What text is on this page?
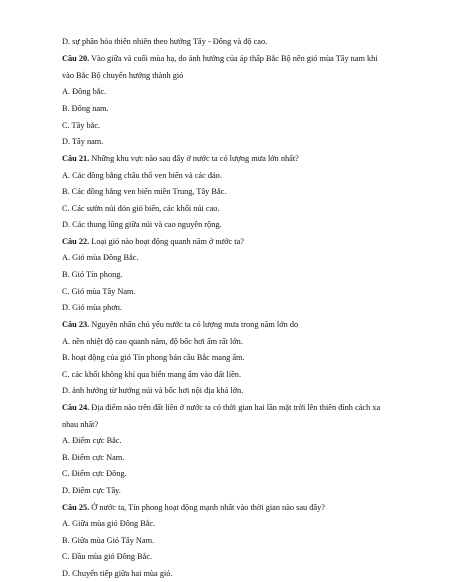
D. sự phân hóa thiên nhiên theo hướng Tây - Đông và độ cao.

Câu 20. Vào giữa và cuối mùa hạ, do ảnh hưởng của áp thấp Bắc Bộ nên gió mùa Tây nam khi

vào Bắc Bộ chuyển hướng thành gió

A. Đông bắc.

B. Đông nam.

C. Tây bắc.

D. Tây nam.

Câu 21. Những khu vực nào sau đây ở nước ta có lượng mưa lớn nhất?

A. Các đồng bằng châu thổ ven biển và các đảo.

B. Các đồng bằng ven biển miền Trung, Tây Bắc.

C. Các sườn núi đón gió biển, các khối núi cao.

D. Các thung lũng giữa núi và cao nguyên rộng.

Câu 22. Loại gió nào hoạt động quanh năm ở nước ta?

A. Gió mùa Đông Bắc.

B. Gió Tín phong.

C. Gió mùa Tây Nam.

D. Gió mùa phơn.

Câu 23. Nguyên nhân chủ yếu nước ta có lượng mưa trong năm lớn do

A. nền nhiệt độ cao quanh năm, độ bốc hơi ẩm rất lớn.

B. hoạt động của gió Tín phong bán cầu Bắc mang ẩm.

C. các khối không khí qua biển mang ẩm vào đất liền.

D. ảnh hưởng từ hướng núi và bốc hơi nội địa khá lớn.

Câu 24. Địa điểm nào trên đất liền ở nước ta có thời gian hai lần mặt trời lên thiên đỉnh cách xa

nhau nhất?

A. Điểm cực Bắc.

B. Điểm cực Nam.

C. Điểm cực Đông.

D. Điểm cực Tây.

Câu 25. Ở nước ta, Tín phong hoạt động mạnh nhất vào thời gian nào sau đây?

A. Giữa mùa gió Đông Bắc.

B. Giữa mùa Gió Tây Nam.

C. Đầu mùa gió Đông Bắc.

D. Chuyển tiếp giữa hai mùa gió.
